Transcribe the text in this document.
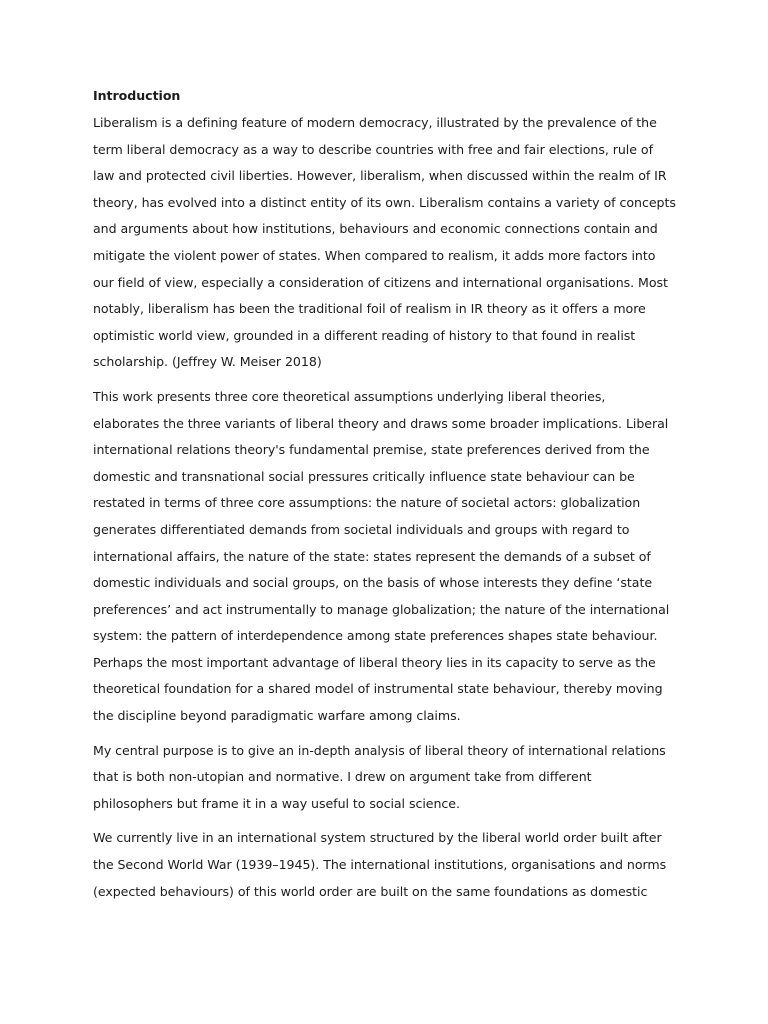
Introduction
Liberalism is a defining feature of modern democracy, illustrated by the prevalence of the
term liberal democracy as a way to describe countries with free and fair elections, rule of
law and protected civil liberties. However, liberalism, when discussed within the realm of IR
theory, has evolved into a distinct entity of its own. Liberalism contains a variety of concepts
and arguments about how institutions, behaviours and economic connections contain and
mitigate the violent power of states. When compared to realism, it adds more factors into
our field of view, especially a consideration of citizens and international organisations. Most
notably, liberalism has been the traditional foil of realism in IR theory as it offers a more
optimistic world view, grounded in a different reading of history to that found in realist
scholarship. (Jeffrey W. Meiser 2018)
This work presents three core theoretical assumptions underlying liberal theories,
elaborates the three variants of liberal theory and draws some broader implications. Liberal
international relations theory's fundamental premise, state preferences derived from the
domestic and transnational social pressures critically influence state behaviour can be
restated in terms of three core assumptions: the nature of societal actors: globalization
generates differentiated demands from societal individuals and groups with regard to
international affairs, the nature of the state: states represent the demands of a subset of
domestic individuals and social groups, on the basis of whose interests they define ‘state
preferences’ and act instrumentally to manage globalization; the nature of the international
system: the pattern of interdependence among state preferences shapes state behaviour.
Perhaps the most important advantage of liberal theory lies in its capacity to serve as the
theoretical foundation for a shared model of instrumental state behaviour, thereby moving
the discipline beyond paradigmatic warfare among claims.
My central purpose is to give an in-depth analysis of liberal theory of international relations
that is both non-utopian and normative. I drew on argument take from different
philosophers but frame it in a way useful to social science.
We currently live in an international system structured by the liberal world order built after
the Second World War (1939–1945). The international institutions, organisations and norms
(expected behaviours) of this world order are built on the same foundations as domestic
